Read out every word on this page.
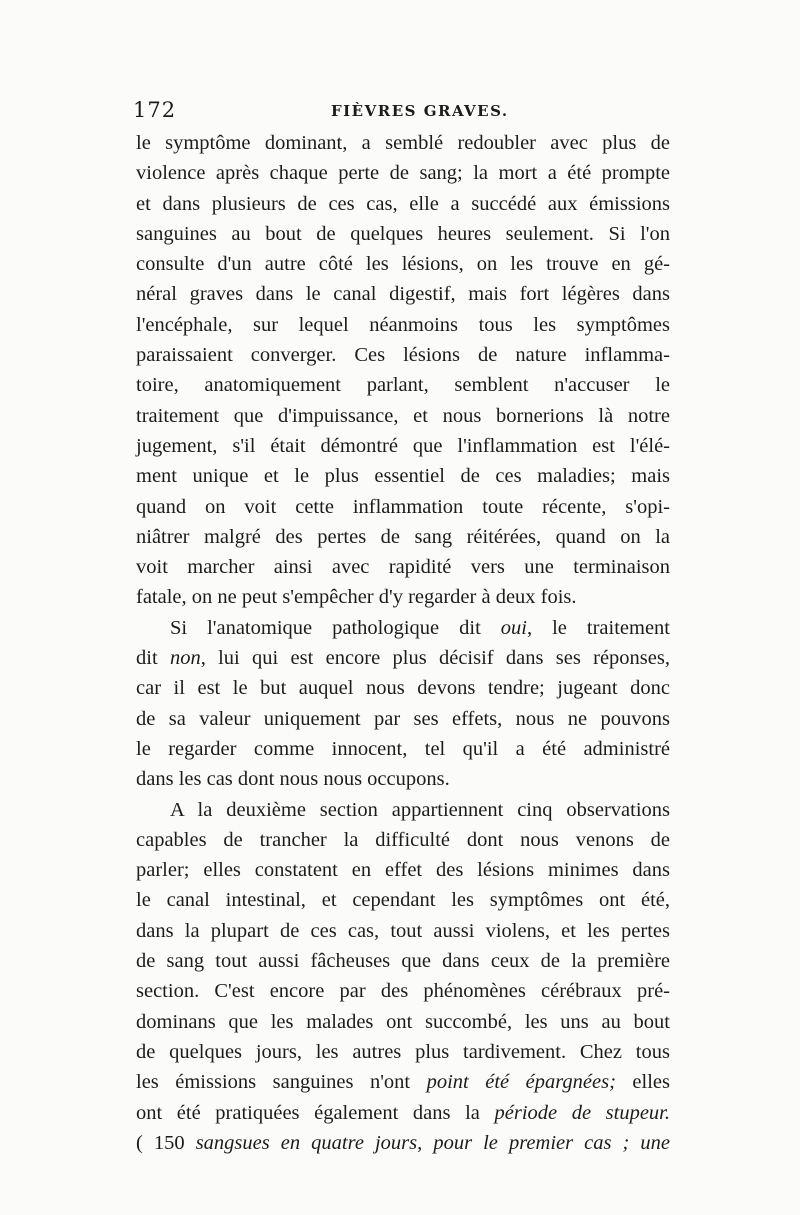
172	FIÈVRES GRAVES.
le symptôme dominant, a semblé redoubler avec plus de
violence après chaque perte de sang; la mort a été prompte
et dans plusieurs de ces cas, elle a succédé aux émissions
sanguines au bout de quelques heures seulement. Si l'on
consulte d'un autre côté les lésions, on les trouve en gé-
néral graves dans le canal digestif, mais fort légères dans
l'encéphale, sur lequel néanmoins tous les symptômes
paraissaient converger. Ces lésions de nature inflamma-
toire, anatomiquement parlant, semblent n'accuser le
traitement que d'impuissance, et nous bornerions là notre
jugement, s'il était démontré que l'inflammation est l'élé-
ment unique et le plus essentiel de ces maladies; mais
quand on voit cette inflammation toute récente, s'opi-
niâtrer malgré des pertes de sang réitérées, quand on la
voit marcher ainsi avec rapidité vers une terminaison
fatale, on ne peut s'empêcher d'y regarder à deux fois.
Si l'anatomique pathologique dit oui, le traitement
dit non, lui qui est encore plus décisif dans ses réponses,
car il est le but auquel nous devons tendre; jugeant donc
de sa valeur uniquement par ses effets, nous ne pouvons
le regarder comme innocent, tel qu'il a été administré
dans les cas dont nous nous occupons.
A la deuxième section appartiennent cinq observations
capables de trancher la difficulté dont nous venons de
parler; elles constatent en effet des lésions minimes dans
le canal intestinal, et cependant les symptômes ont été,
dans la plupart de ces cas, tout aussi violens, et les pertes
de sang tout aussi fâcheuses que dans ceux de la première
section. C'est encore par des phénomènes cérébraux pré-
dominans que les malades ont succombé, les uns au bout
de quelques jours, les autres plus tardivement. Chez tous
les émissions sanguines n'ont point été épargnées; elles
ont été pratiquées également dans la période de stupeur.
( 150 sangsues en quatre jours, pour le premier cas ; une
